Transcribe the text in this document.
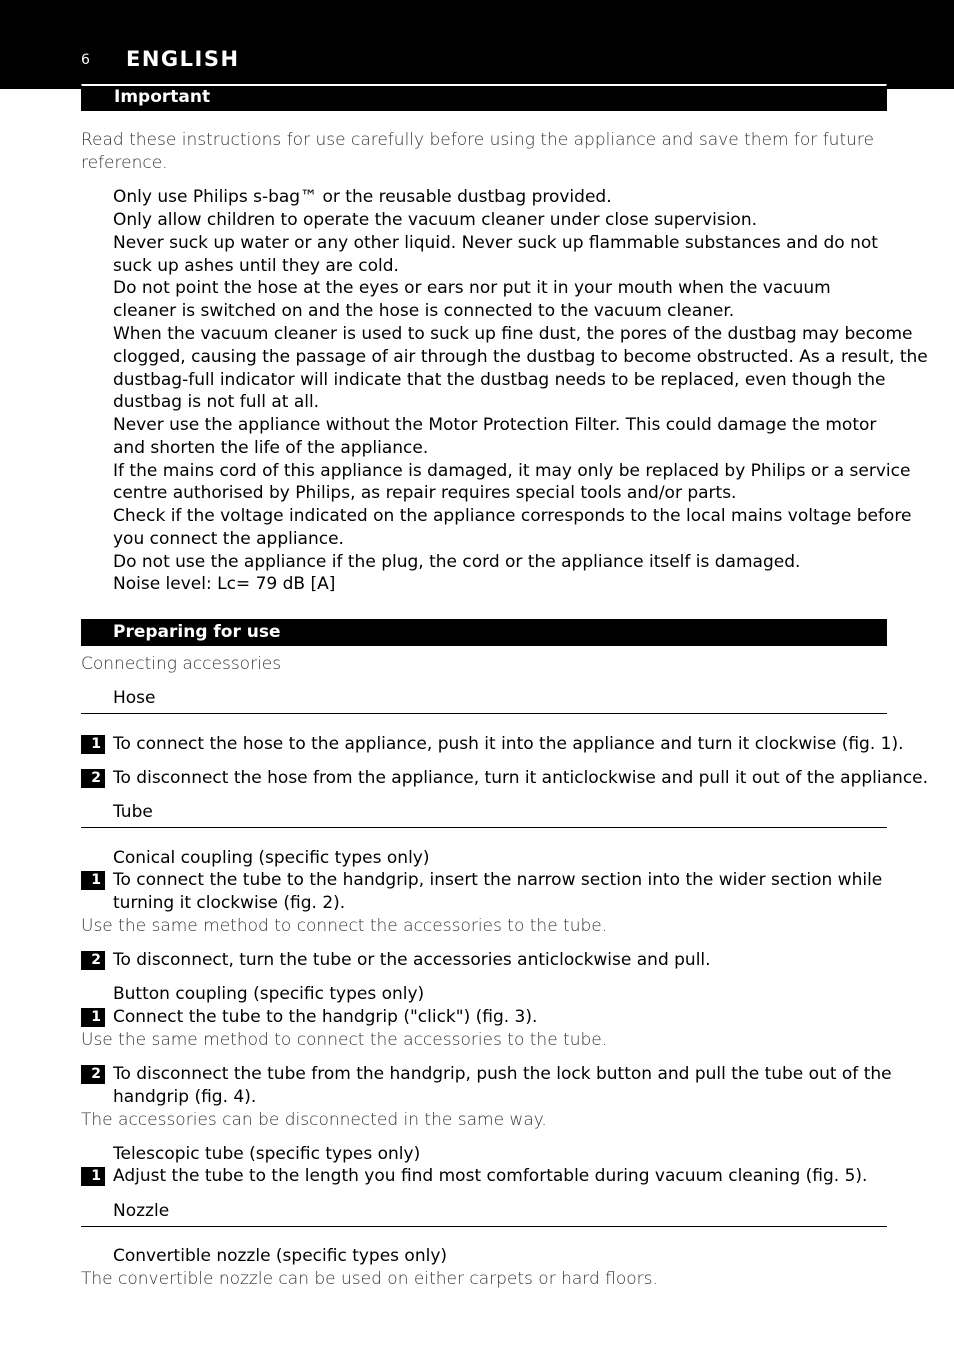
6 ENGLISH
Important
Read these instructions for use carefully before using the appliance and save them for future
reference.
Only use Philips s-bag™ or the reusable dustbag provided.
Only allow children to operate the vacuum cleaner under close supervision.
Never suck up water or any other liquid. Never suck up flammable substances and do not
suck up ashes until they are cold.
Do not point the hose at the eyes or ears nor put it in your mouth when the vacuum
cleaner is switched on and the hose is connected to the vacuum cleaner.
When the vacuum cleaner is used to suck up fine dust, the pores of the dustbag may become
clogged, causing the passage of air through the dustbag to become obstructed. As a result, the
dustbag-full indicator will indicate that the dustbag needs to be replaced, even though the
dustbag is not full at all.
Never use the appliance without the Motor Protection Filter. This could damage the motor
and shorten the life of the appliance.
If the mains cord of this appliance is damaged, it may only be replaced by Philips or a service
centre authorised by Philips, as repair requires special tools and/or parts.
Check if the voltage indicated on the appliance corresponds to the local mains voltage before
you connect the appliance.
Do not use the appliance if the plug, the cord or the appliance itself is damaged.
Noise level: Lc= 79 dB [A]
Preparing for use
Connecting accessories
Hose
1 To connect the hose to the appliance, push it into the appliance and turn it clockwise (fig. 1).
2 To disconnect the hose from the appliance, turn it anticlockwise and pull it out of the appliance.
Tube
Conical coupling (specific types only)
1 To connect the tube to the handgrip, insert the narrow section into the wider section while
turning it clockwise (fig. 2).
Use the same method to connect the accessories to the tube.
2 To disconnect, turn the tube or the accessories anticlockwise and pull.
Button coupling (specific types only)
1 Connect the tube to the handgrip ("click") (fig. 3).
Use the same method to connect the accessories to the tube.
2 To disconnect the tube from the handgrip, push the lock button and pull the tube out of the
handgrip (fig. 4).
The accessories can be disconnected in the same way.
Telescopic tube (specific types only)
1 Adjust the tube to the length you find most comfortable during vacuum cleaning (fig. 5).
Nozzle
Convertible nozzle (specific types only)
The convertible nozzle can be used on either carpets or hard floors.
